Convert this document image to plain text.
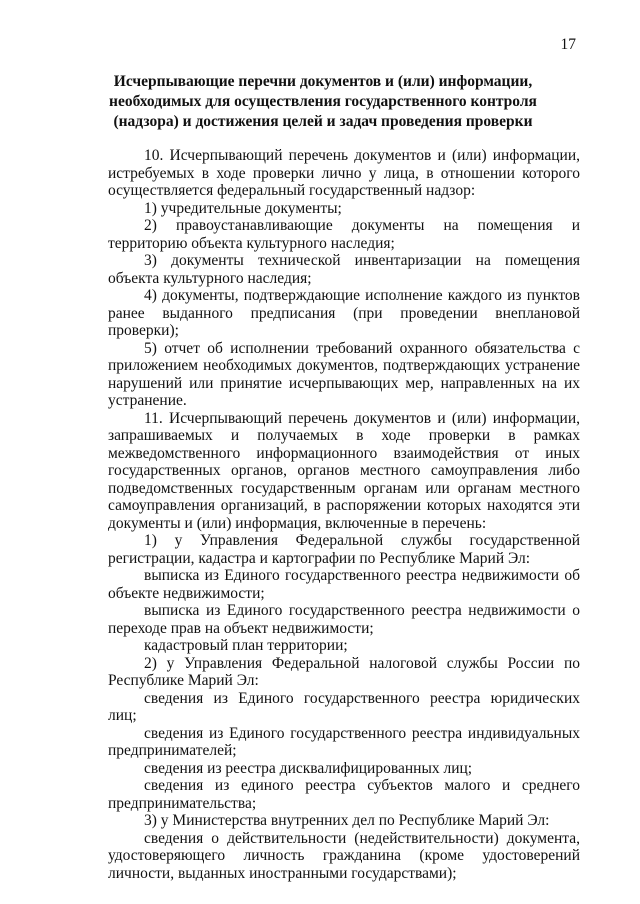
17
Исчерпывающие перечни документов и (или) информации, необходимых для осуществления государственного контроля (надзора) и достижения целей и задач проведения проверки

10. Исчерпывающий перечень документов и (или) информации, истребуемых в ходе проверки лично у лица, в отношении которого осуществляется федеральный государственный надзор:

1) учредительные документы;

2) правоустанавливающие документы на помещения и территорию объекта культурного наследия;

3) документы технической инвентаризации на помещения объекта культурного наследия;

4) документы, подтверждающие исполнение каждого из пунктов ранее выданного предписания (при проведении внеплановой проверки);

5) отчет об исполнении требований охранного обязательства с приложением необходимых документов, подтверждающих устранение нарушений или принятие исчерпывающих мер, направленных на их устранение.

11. Исчерпывающий перечень документов и (или) информации, запрашиваемых и получаемых в ходе проверки в рамках межведомственного информационного взаимодействия от иных государственных органов, органов местного самоуправления либо подведомственных государственным органам или органам местного самоуправления организаций, в распоряжении которых находятся эти документы и (или) информация, включенные в перечень:

1) у Управления Федеральной службы государственной регистрации, кадастра и картографии по Республике Марий Эл:

выписка из Единого государственного реестра недвижимости об объекте недвижимости;

выписка из Единого государственного реестра недвижимости о переходе прав на объект недвижимости;

кадастровый план территории;

2) у Управления Федеральной налоговой службы России по Республике Марий Эл:

сведения из Единого государственного реестра юридических лиц;

сведения из Единого государственного реестра индивидуальных предпринимателей;

сведения из реестра дисквалифицированных лиц;

сведения из единого реестра субъектов малого и среднего предпринимательства;

3) у Министерства внутренних дел по Республике Марий Эл:

сведения о действительности (недействительности) документа, удостоверяющего личность гражданина (кроме удостоверений личности, выданных иностранными государствами);
